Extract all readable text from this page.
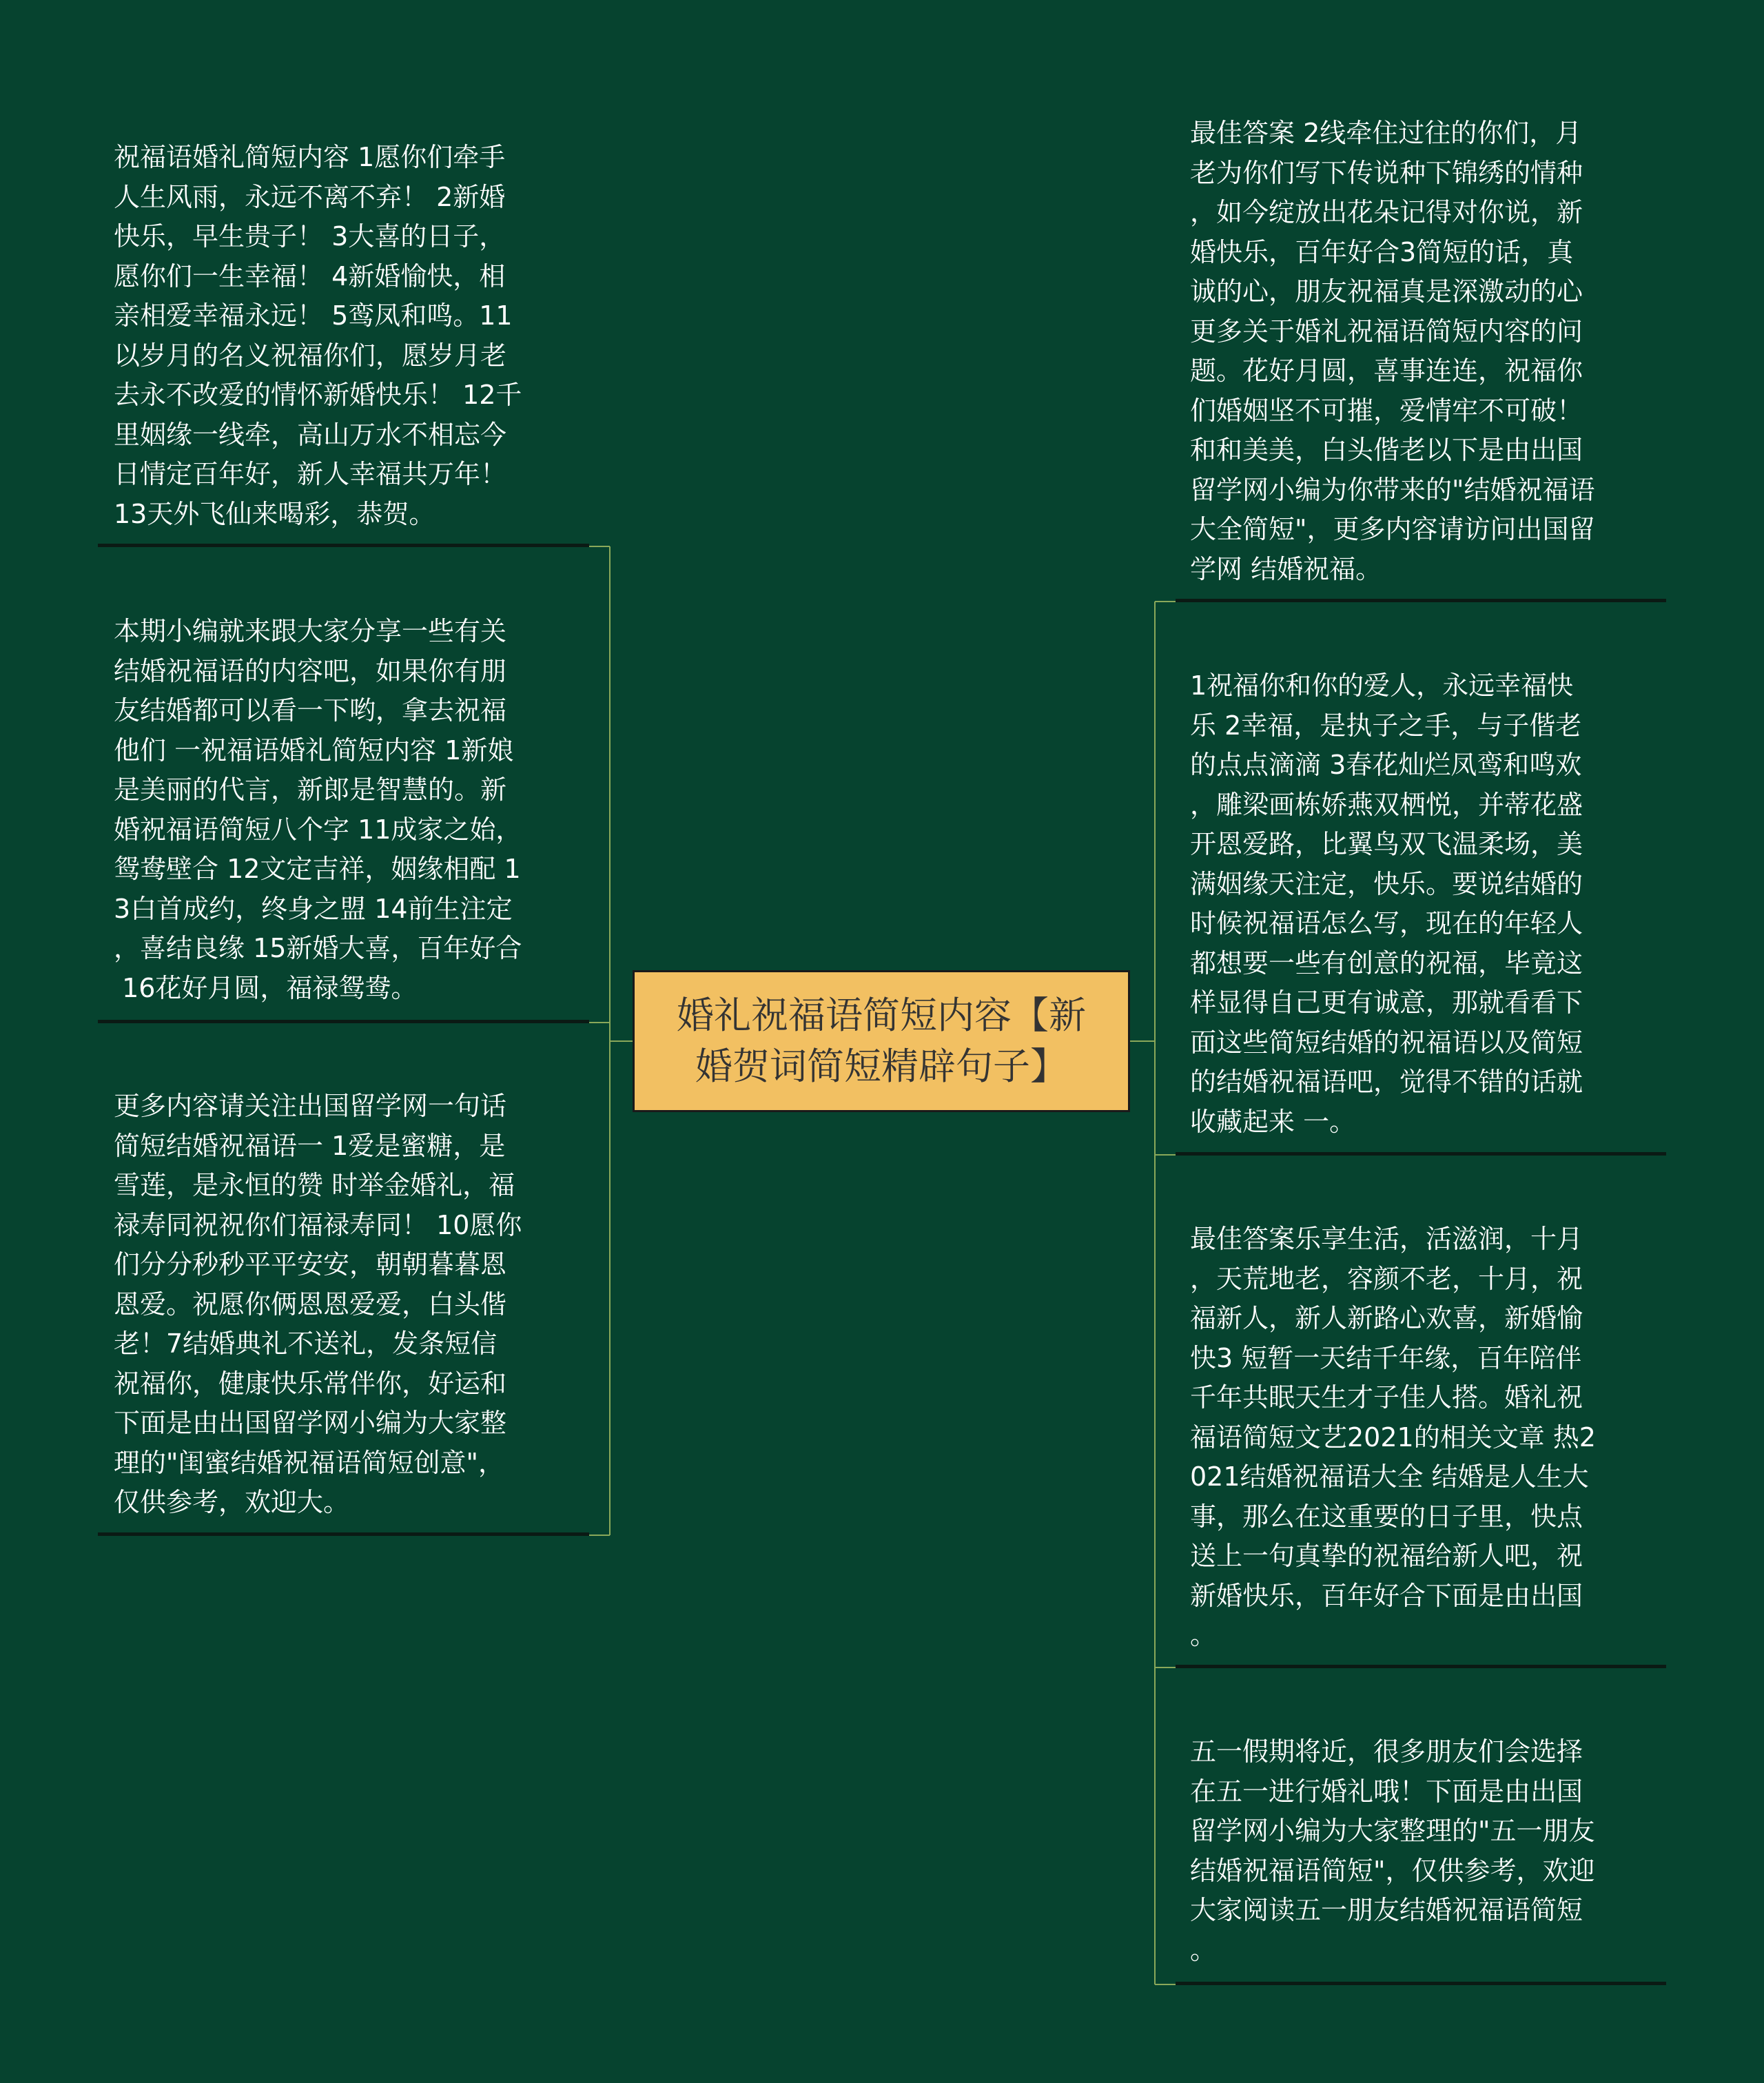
婚礼祝福语简短内容【新
婚贺词简短精辟句子】
祝福语婚礼简短内容 1愿你们牵手
人生风雨，永远不离不弃！ 2新婚
快乐，早生贵子！ 3大喜的日子，
愿你们一生幸福！ 4新婚愉快，相
亲相爱幸福永远！ 5鸾凤和鸣。11
以岁月的名义祝福你们，愿岁月老
去永不改爱的情怀新婚快乐！ 12千
里姻缘一线牵，高山万水不相忘今
日情定百年好，新人幸福共万年！
13天外飞仙来喝彩，恭贺。
本期小编就来跟大家分享一些有关
结婚祝福语的内容吧，如果你有朋
友结婚都可以看一下哟，拿去祝福
他们 一祝福语婚礼简短内容 1新娘
是美丽的代言，新郎是智慧的。新
婚祝福语简短八个字 11成家之始，
鸳鸯壁合 12文定吉祥，姻缘相配 1
3白首成约，终身之盟 14前生注定
，喜结良缘 15新婚大喜，百年好合
16花好月圆，福禄鸳鸯。
更多内容请关注出国留学网一句话
简短结婚祝福语一 1爱是蜜糖，是
雪莲，是永恒的赞 时举金婚礼，福
禄寿同祝祝你们福禄寿同！ 10愿你
们分分秒秒平平安安，朝朝暮暮恩
恩爱。祝愿你俩恩恩爱爱，白头偕
老！7结婚典礼不送礼，发条短信
祝福你，健康快乐常伴你，好运和
下面是由出国留学网小编为大家整
理的"闺蜜结婚祝福语简短创意"，
仅供参考，欢迎大。
最佳答案 2线牵住过往的你们，月
老为你们写下传说种下锦绣的情种
，如今绽放出花朵记得对你说，新
婚快乐，百年好合3简短的话，真
诚的心，朋友祝福真是深激动的心
更多关于婚礼祝福语简短内容的问
题。花好月圆，喜事连连，祝福你
们婚姻坚不可摧，爱情牢不可破！
和和美美，白头偕老以下是由出国
留学网小编为你带来的"结婚祝福语
大全简短"，更多内容请访问出国留
学网 结婚祝福。
1祝福你和你的爱人，永远幸福快
乐 2幸福，是执子之手，与子偕老
的点点滴滴 3春花灿烂凤鸾和鸣欢
，雕梁画栋娇燕双栖悦，并蒂花盛
开恩爱路，比翼鸟双飞温柔场，美
满姻缘天注定，快乐。要说结婚的
时候祝福语怎么写，现在的年轻人
都想要一些有创意的祝福，毕竟这
样显得自己更有诚意，那就看看下
面这些简短结婚的祝福语以及简短
的结婚祝福语吧，觉得不错的话就
收藏起来 一。
最佳答案乐享生活，活滋润，十月
，天荒地老，容颜不老，十月，祝
福新人，新人新路心欢喜，新婚愉
快3 短暂一天结千年缘，百年陪伴
千年共眠天生才子佳人搭。婚礼祝
福语简短文艺2021的相关文章 热2
021结婚祝福语大全 结婚是人生大
事，那么在这重要的日子里，快点
送上一句真挚的祝福给新人吧，祝
新婚快乐，百年好合下面是由出国
。
五一假期将近，很多朋友们会选择
在五一进行婚礼哦！下面是由出国
留学网小编为大家整理的"五一朋友
结婚祝福语简短"，仅供参考，欢迎
大家阅读五一朋友结婚祝福语简短
。
